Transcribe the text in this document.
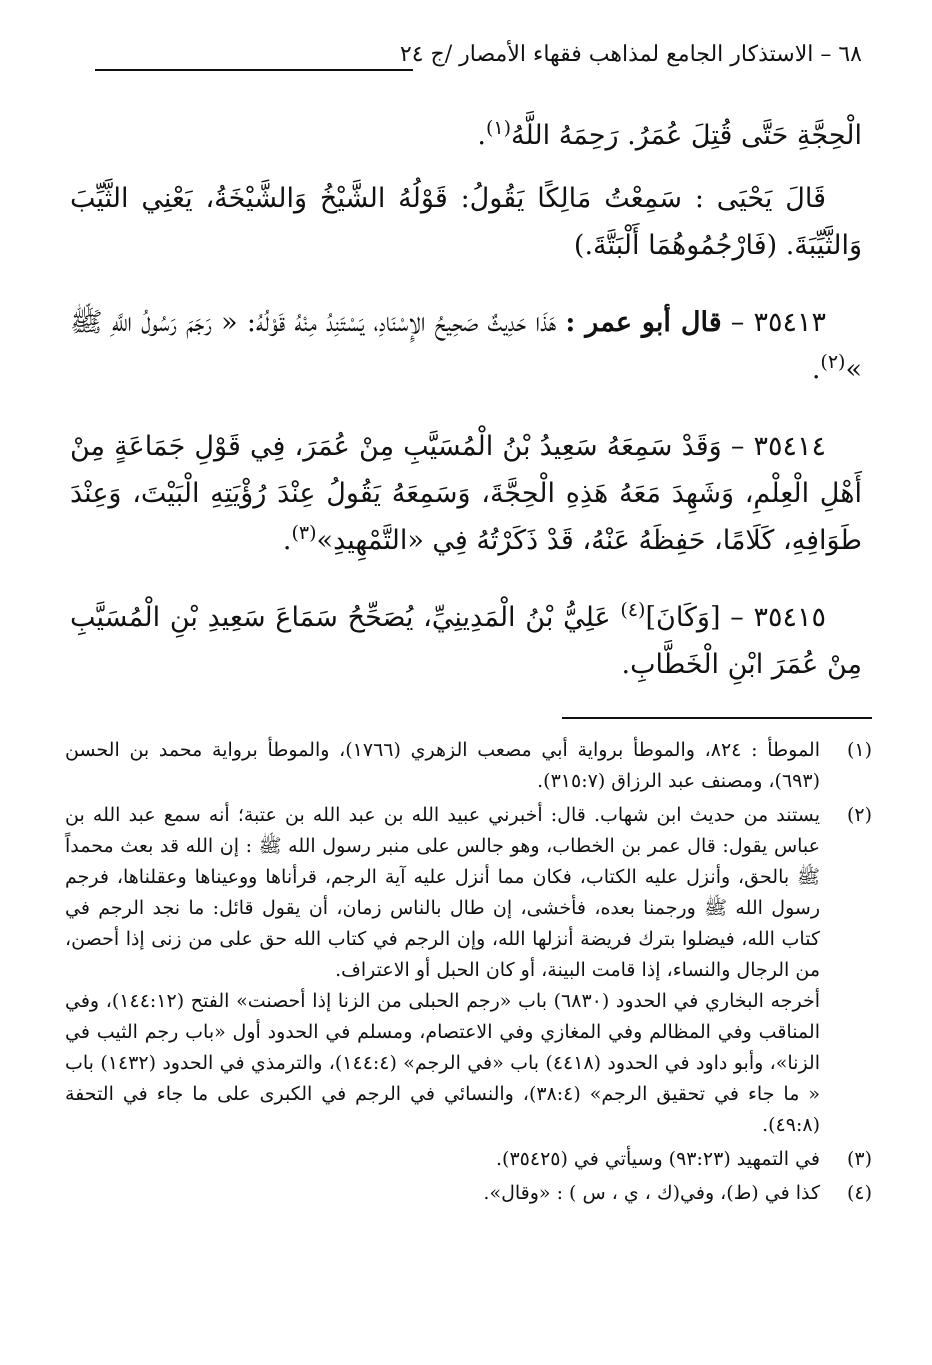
٦٨ – الاستذكار الجامع لمذاهب فقهاء الأمصار /ج ٢٤

الْحِجَّةِ حَتَّى قُتِلَ عُمَرُ. رَحِمَهُ اللَّهُ$^{(١)}$.

قَالَ يَحْيَى : سَمِعْتُ مَالِكًا يَقُولُ: قَوْلُهُ الشَّيْخُ وَالشَّيْخَةُ، يَعْنِي الثَّيِّبَ وَالثَّيِّبَةَ. (فَارْجُمُوهُمَا أَلْبَتَّةَ.)

٣٥٤١٣ – قال أبو عمر : هَذَا حَدِيثٌ صَحِيحُ الإِسْنَادِ، يَسْتَنِدُ مِنْهُ قَوْلُهُ: « رَجَمَ رَسُولُ اللَّهِ ﷺ »$^{(٢)}$.

٣٥٤١٤ – وَقَدْ سَمِعَهُ سَعِيدُ بْنُ الْمُسَيَّبِ مِنْ عُمَرَ، فِي قَوْلِ جَمَاعَةٍ مِنْ أَهْلِ الْعِلْمِ، وَشَهِدَ مَعَهُ هَذِهِ الْحِجَّةَ، وَسَمِعَهُ يَقُولُ عِنْدَ رُؤْيَتِهِ الْبَيْتَ، وَعِنْدَ طَوَافِهِ، كَلَامًا، حَفِظَهُ عَنْهُ، قَدْ ذَكَرْتُهُ فِي «التَّمْهِيدِ»$^{(٣)}$.

٣٥٤١٥ – [وَكَانَ]$^{(٤)}$ عَلِيُّ بْنُ الْمَدِينِيِّ، يُصَحِّحُ سَمَاعَ سَعِيدِ بْنِ الْمُسَيَّبِ مِنْ عُمَرَ ابْنِ الْخَطَّابِ.

(١)

الموطأ : ٨٢٤، والموطأ برواية أبي مصعب الزهري (١٧٦٦)، والموطأ برواية محمد بن الحسن (٦٩٣)، ومصنف عبد الرزاق (٣١٥:٧).

(٢)

يستند من حديث ابن شهاب. قال: أخبرني عبيد الله بن عبد الله بن عتبة؛ أنه سمع عبد الله بن عباس يقول: قال عمر بن الخطاب، وهو جالس على منبر رسول الله ﷺ : إن الله قد بعث محمداً ﷺ بالحق، وأنزل عليه الكتاب، فكان مما أنزل عليه آية الرجم، قرأناها ووعيناها وعقلناها، فرجم رسول الله ﷺ ورجمنا بعده، فأخشى، إن طال بالناس زمان، أن يقول قائل: ما نجد الرجم في كتاب الله، فيضلوا بترك فريضة أنزلها الله، وإن الرجم في كتاب الله حق على من زنى إذا أحصن، من الرجال والنساء، إذا قامت البينة، أو كان الحبل أو الاعتراف.

أخرجه البخاري في الحدود (٦٨٣٠) باب «رجم الحبلى من الزنا إذا أحصنت» الفتح (١٤٤:١٢)، وفي المناقب وفي المظالم وفي المغازي وفي الاعتصام، ومسلم في الحدود أول «باب رجم الثيب في الزنا»، وأبو داود في الحدود (٤٤١٨) باب «في الرجم» (١٤٤:٤)، والترمذي في الحدود (١٤٣٢) باب « ما جاء في تحقيق الرجم» (٣٨:٤)، والنسائي في الرجم في الكبرى على ما جاء في التحفة (٤٩:٨).

(٣)

في التمهيد (٩٣:٢٣) وسيأتي في (٣٥٤٢٥).

(٤)

كذا في (ط)، وفي(ك ، ي ، س ) : «وقال».
